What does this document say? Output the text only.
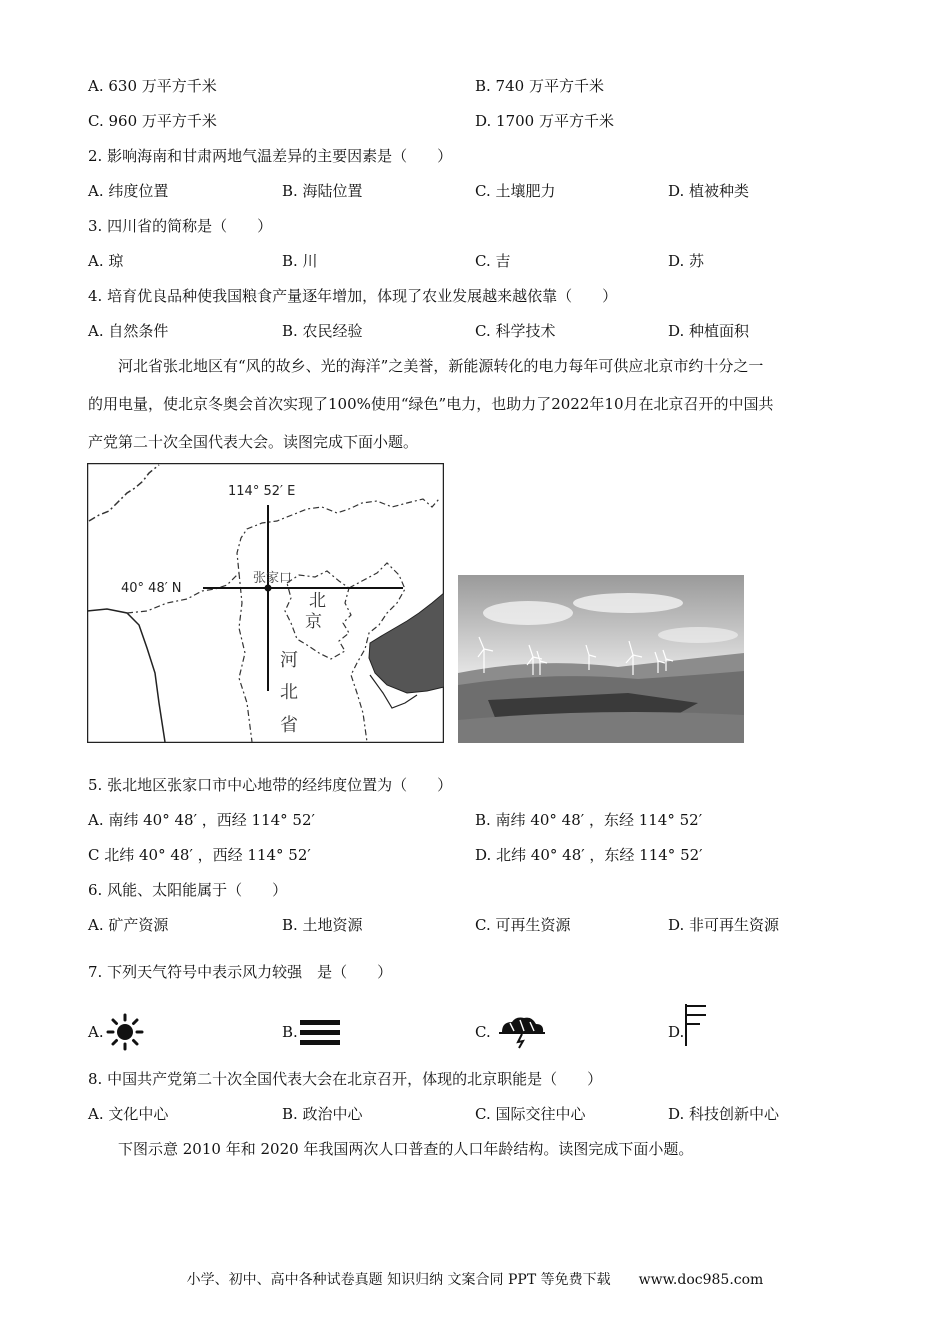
A. 630 万平方千米	B. 740 万平方千米
C. 960 万平方千米	D. 1700 万平方千米
2. 影响海南和甘肃两地气温差异的主要因素是（　　）
A. 纬度位置	B. 海陆位置	C. 土壤肥力	D. 植被种类
3. 四川省的简称是（　　）
A. 琼	B. 川	C. 吉	D. 苏
4. 培育优良品种使我国粮食产量逐年增加，体现了农业发展越来越依靠（　　）
A. 自然条件	B. 农民经验	C. 科学技术	D. 种植面积
河北省张北地区有“风的故乡、光的海洋”之美誉，新能源转化的电力每年可供应北京市约十分之一
的用电量，使北京冬奥会首次实现了100%使用“绿色”电力，也助力了2022年10月在北京召开的中国共
产党第二十次全国代表大会。读图完成下面小题。
114° 52′ E
40° 48′ N
张家口
北
京
河
北
省
5. 张北地区张家口市中心地带的经纬度位置为（　　）
A. 南纬 40° 48′ ，西经 114° 52′	B. 南纬 40° 48′ ，东经 114° 52′
C 北纬 40° 48′ ，西经 114° 52′	D. 北纬 40° 48′ ，东经 114° 52′
6. 风能、太阳能属于（　　）
A. 矿产资源	B. 土地资源	C. 可再生资源	D. 非可再生资源
7. 下列天气符号中表示风力较强　是（　　）
A.	B.	C.	D.
8. 中国共产党第二十次全国代表大会在北京召开，体现的北京职能是（　　）
A. 文化中心	B. 政治中心	C. 国际交往中心	D. 科技创新中心
下图示意 2010 年和 2020 年我国两次人口普查的人口年龄结构。读图完成下面小题。
小学、初中、高中各种试卷真题 知识归纳 文案合同 PPT 等免费下载　　www.doc985.com
